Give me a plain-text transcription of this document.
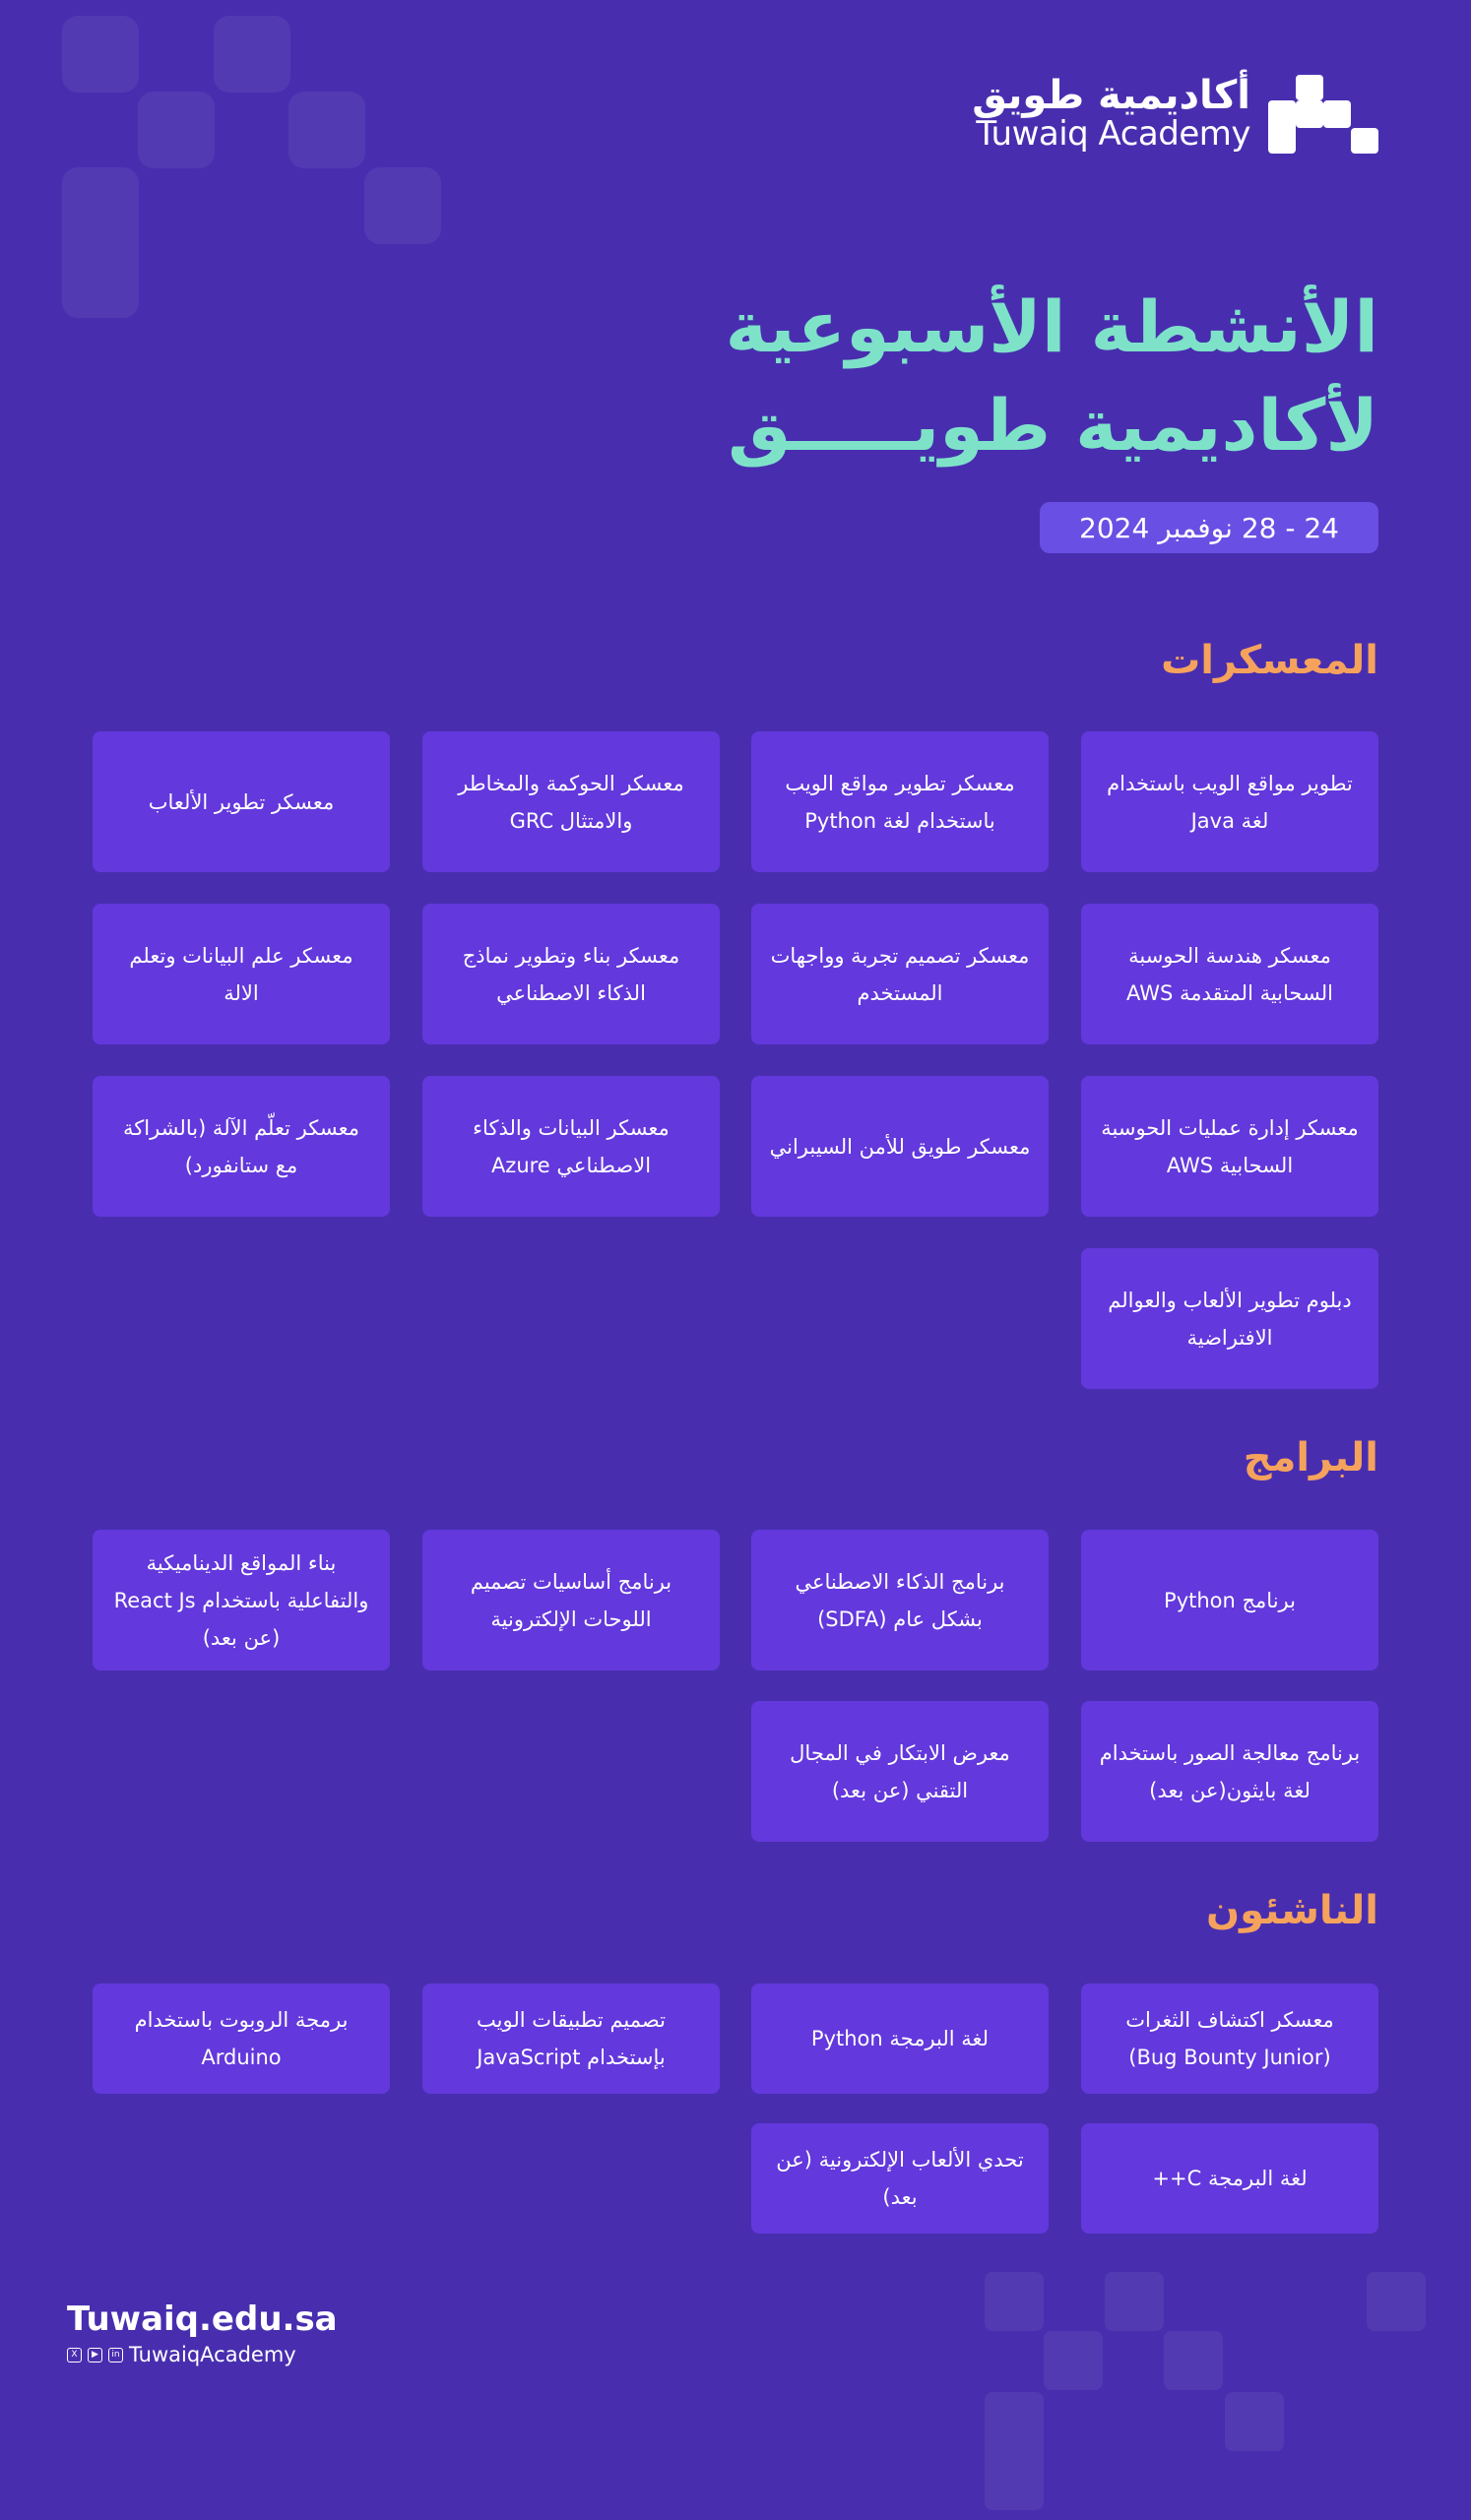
أكاديمية طويق
Tuwaiq Academy
الأنشطة الأسبوعية
لأكاديمية طويـــــق
24 - 28 نوفمبر 2024
المعسكرات
تطوير مواقع الويب باستخدام لغة Java
معسكر تطوير مواقع الويب باستخدام لغة Python
معسكر الحوكمة والمخاطر والامتثال GRC
معسكر تطوير الألعاب
معسكر هندسة الحوسبة السحابية المتقدمة AWS
معسكر تصميم تجربة وواجهات المستخدم
معسكر بناء وتطوير نماذج الذكاء الاصطناعي
معسكر علم البيانات وتعلم الالة
معسكر إدارة عمليات الحوسبة السحابية AWS
معسكر طويق للأمن السيبراني
معسكر البيانات والذكاء الاصطناعي Azure
معسكر تعلّم الآلة (بالشراكة مع ستانفورد)
دبلوم تطوير الألعاب والعوالم الافتراضية
البرامج
برنامج Python
برنامج الذكاء الاصطناعي بشكل عام (SDFA)
برنامج أساسيات تصميم اللوحات الإلكترونية
بناء المواقع الديناميكية والتفاعلية باستخدام React Js (عن بعد)
برنامج معالجة الصور باستخدام لغة بايثون(عن بعد)
معرض الابتكار في المجال التقني (عن بعد)
الناشئون
معسكر اكتشاف الثغرات (Bug Bounty Junior)
لغة البرمجة Python
تصميم تطبيقات الويب بإستخدام JavaScript
برمجة الروبوت باستخدام Arduino
لغة البرمجة C++
تحدي الألعاب الإلكترونية (عن بعد)
Tuwaiq.edu.sa
X	▶	in TuwaiqAcademy
